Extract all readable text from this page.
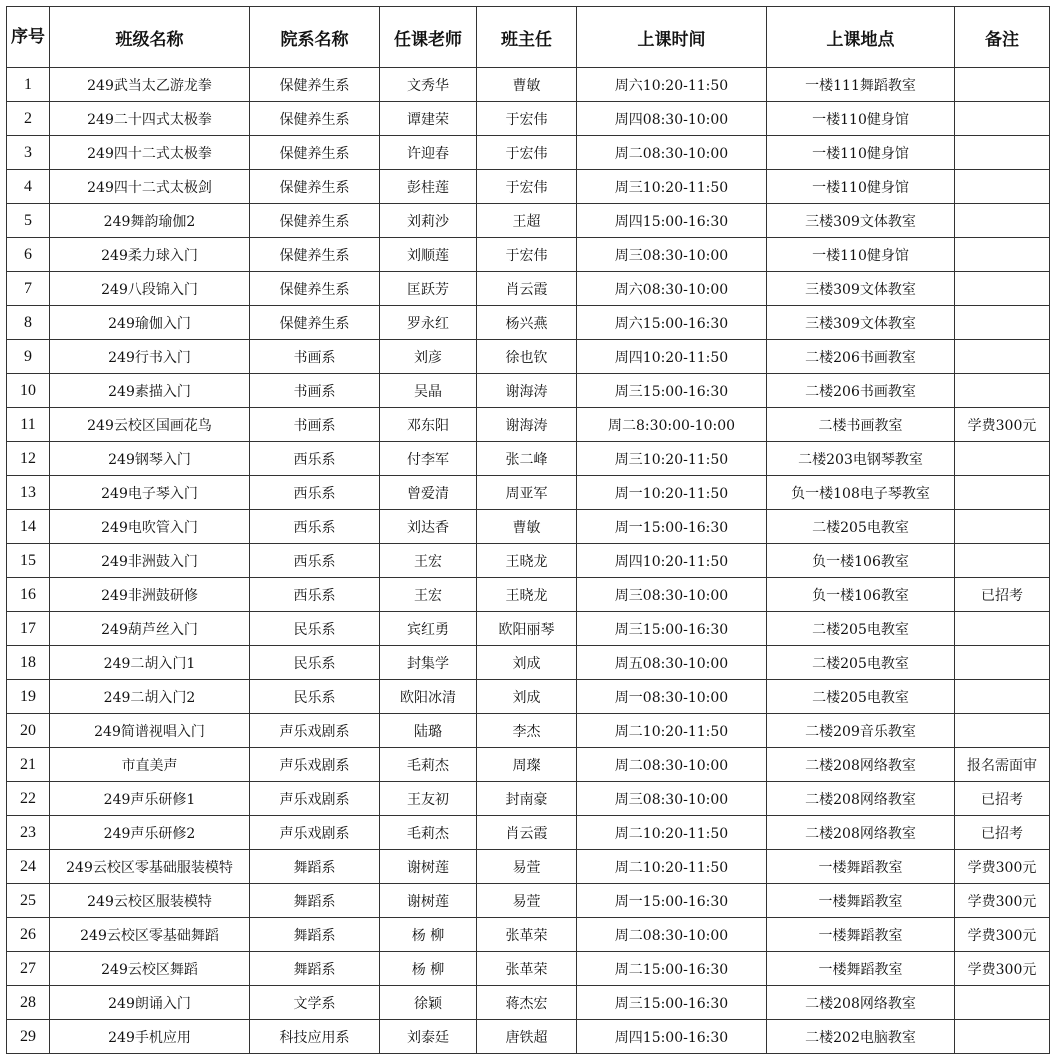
序号	班级名称	院系名称	任课老师	班主任	上课时间	上课地点	备注
1	249武当太乙游龙拳	保健养生系	文秀华	曹敏	周六10:20-11:50	一楼111舞蹈教室	
2	249二十四式太极拳	保健养生系	谭建荣	于宏伟	周四08:30-10:00	一楼110健身馆	
3	249四十二式太极拳	保健养生系	许迎春	于宏伟	周二08:30-10:00	一楼110健身馆	
4	249四十二式太极剑	保健养生系	彭桂莲	于宏伟	周三10:20-11:50	一楼110健身馆	
5	249舞韵瑜伽2	保健养生系	刘莉沙	王超	周四15:00-16:30	三楼309文体教室	
6	249柔力球入门	保健养生系	刘顺莲	于宏伟	周三08:30-10:00	一楼110健身馆	
7	249八段锦入门	保健养生系	匡跃芳	肖云霞	周六08:30-10:00	三楼309文体教室	
8	249瑜伽入门	保健养生系	罗永红	杨兴燕	周六15:00-16:30	三楼309文体教室	
9	249行书入门	书画系	刘彦	徐也钦	周四10:20-11:50	二楼206书画教室	
10	249素描入门	书画系	吴晶	谢海涛	周三15:00-16:30	二楼206书画教室	
11	249云校区国画花鸟	书画系	邓东阳	谢海涛	周二8:30:00-10:00	二楼书画教室	学费300元
12	249钢琴入门	西乐系	付李军	张二峰	周三10:20-11:50	二楼203电钢琴教室	
13	249电子琴入门	西乐系	曾爱清	周亚军	周一10:20-11:50	负一楼108电子琴教室	
14	249电吹管入门	西乐系	刘达香	曹敏	周一15:00-16:30	二楼205电教室	
15	249非洲鼓入门	西乐系	王宏	王晓龙	周四10:20-11:50	负一楼106教室	
16	249非洲鼓研修	西乐系	王宏	王晓龙	周三08:30-10:00	负一楼106教室	已招考
17	249葫芦丝入门	民乐系	宾红勇	欧阳丽琴	周三15:00-16:30	二楼205电教室	
18	249二胡入门1	民乐系	封集学	刘成	周五08:30-10:00	二楼205电教室	
19	249二胡入门2	民乐系	欧阳冰清	刘成	周一08:30-10:00	二楼205电教室	
20	249简谱视唱入门	声乐戏剧系	陆璐	李杰	周二10:20-11:50	二楼209音乐教室	
21	市直美声	声乐戏剧系	毛莉杰	周璨	周二08:30-10:00	二楼208网络教室	报名需面审
22	249声乐研修1	声乐戏剧系	王友初	封南豪	周三08:30-10:00	二楼208网络教室	已招考
23	249声乐研修2	声乐戏剧系	毛莉杰	肖云霞	周二10:20-11:50	二楼208网络教室	已招考
24	249云校区零基础服装模特	舞蹈系	谢树莲	易萱	周二10:20-11:50	一楼舞蹈教室	学费300元
25	249云校区服装模特	舞蹈系	谢树莲	易萱	周一15:00-16:30	一楼舞蹈教室	学费300元
26	249云校区零基础舞蹈	舞蹈系	杨 柳	张革荣	周二08:30-10:00	一楼舞蹈教室	学费300元
27	249云校区舞蹈	舞蹈系	杨 柳	张革荣	周二15:00-16:30	一楼舞蹈教室	学费300元
28	249朗诵入门	文学系	徐颖	蒋杰宏	周三15:00-16:30	二楼208网络教室	
29	249手机应用	科技应用系	刘泰廷	唐铁超	周四15:00-16:30	二楼202电脑教室	
